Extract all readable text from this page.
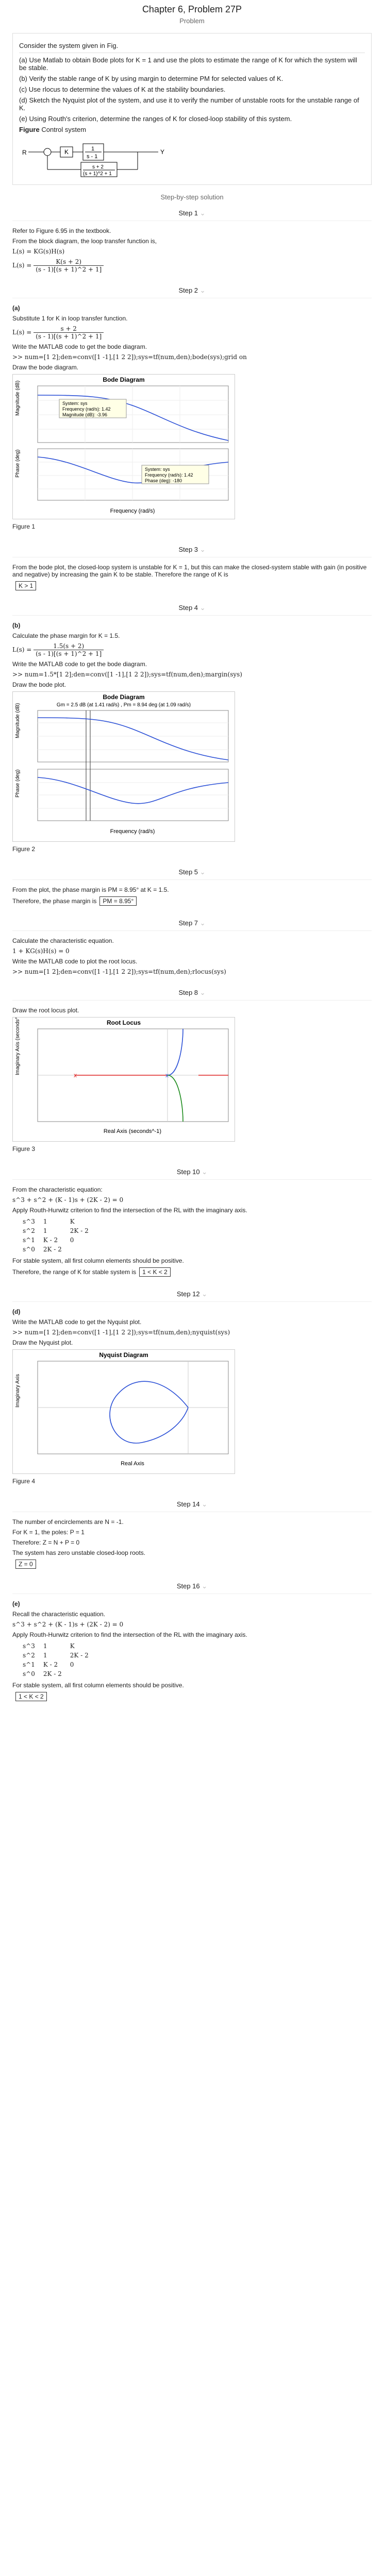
Chapter 6, Problem 27P
Problem

Consider the system given in Fig.

(a) Use Matlab to obtain Bode plots for K = 1 and use the plots to estimate the range of K for which the system will be stable.

(b) Verify the stable range of K by using margin to determine PM for selected values of K.

(c) Use rlocus to determine the values of K at the stability boundaries.

(d) Sketch the Nyquist plot of the system, and use it to verify the number of unstable roots for the unstable range of K.

(e) Using Routh's criterion, determine the ranges of K for closed-loop stability of this system.

Figure Control system

R	K	1
s - 1
Y
s + 2
(s + 1)^2 + 1
Step-by-step solution
Step 1 ⌄

Refer to Figure 6.95 in the textbook.

From the block diagram, the loop transfer function is,

L(s) = KG(s)H(s)

$L(s) = \frac{K(s + 2)}{(s - 1)[(s + 1)\^{}2 + 1]}$

Step 2 ⌄

(a)

Substitute 1 for K in loop transfer function.

$L(s) = \frac{s + 2}{(s - 1)[(s + 1)\^{}2 + 1]}$

Write the MATLAB code to get the bode diagram.

>> num=[1 2];den=conv([1 -1],[1 2 2]);sys=tf(num,den);bode(sys);grid on

Draw the bode diagram.

Bode Diagram
System: sys
Frequency (rad/s): 1.42
Magnitude (dB): -3.96
System: sys
Frequency (rad/s): 1.42
Phase (deg): -180
Magnitude (dB)
Phase (deg)
Frequency (rad/s)
Figure 1
Step 3 ⌄

From the bode plot, the closed-loop system is unstable for K = 1, but this can make the closed-system stable with gain (in positive and negative) by increasing the gain K to be stable. Therefore the range of K is

K > 1

Step 4 ⌄

(b)

Calculate the phase margin for K = 1.5.

$L(s) = \frac{1.5(s + 2)}{(s - 1)[(s + 1)\^{}2 + 1]}$

Write the MATLAB code to get the bode diagram.

>> num=1.5*[1 2];den=conv([1 -1],[1 2 2]);sys=tf(num,den);margin(sys)

Draw the bode plot.

Bode Diagram
Gm = 2.5 dB (at 1.41 rad/s) , Pm = 8.94 deg (at 1.09 rad/s)
Magnitude (dB)
Phase (deg)
Frequency (rad/s)
Figure 2
Step 5 ⌄

From the plot, the phase margin is PM = 8.95° at K = 1.5.

Therefore, the phase margin is PM = 8.95°

Step 7 ⌄

Calculate the characteristic equation.

1 + KG(s)H(s) = 0

Write the MATLAB code to plot the root locus.

>> num=[1 2];den=conv([1 -1],[1 2 2]);sys=tf(num,den);rlocus(sys)

Step 8 ⌄

Draw the root locus plot.

Root Locus
x	x
Real Axis (seconds^-1)
Imaginary Axis (seconds^-1)
Figure 3
Step 10 ⌄

From the characteristic equation:

s^3 + s^2 + (K - 1)s + (2K - 2) = 0

Apply Routh-Hurwitz criterion to find the intersection of the RL with the imaginary axis.

s^3	1	K
s^2	1	2K - 2
s^1	K - 2	0
s^0	2K - 2	

For stable system, all first column elements should be positive.

Therefore, the range of K for stable system is 1 < K < 2

Step 12 ⌄

(d)

Write the MATLAB code to get the Nyquist plot.

>> num=[1 2];den=conv([1 -1],[1 2 2]);sys=tf(num,den);nyquist(sys)

Draw the Nyquist plot.

Nyquist Diagram
Real Axis
Imaginary Axis
Figure 4
Step 14 ⌄

The number of encirclements are N = -1.

For K = 1, the poles: P = 1

Therefore: Z = N + P = 0

The system has zero unstable closed-loop roots.

Z = 0

Step 16 ⌄

(e)

Recall the characteristic equation.

s^3 + s^2 + (K - 1)s + (2K - 2) = 0

Apply Routh-Hurwitz criterion to find the intersection of the RL with the imaginary axis.

s^3	1	K
s^2	1	2K - 2
s^1	K - 2	0
s^0	2K - 2	

For stable system, all first column elements should be positive.

1 < K < 2
